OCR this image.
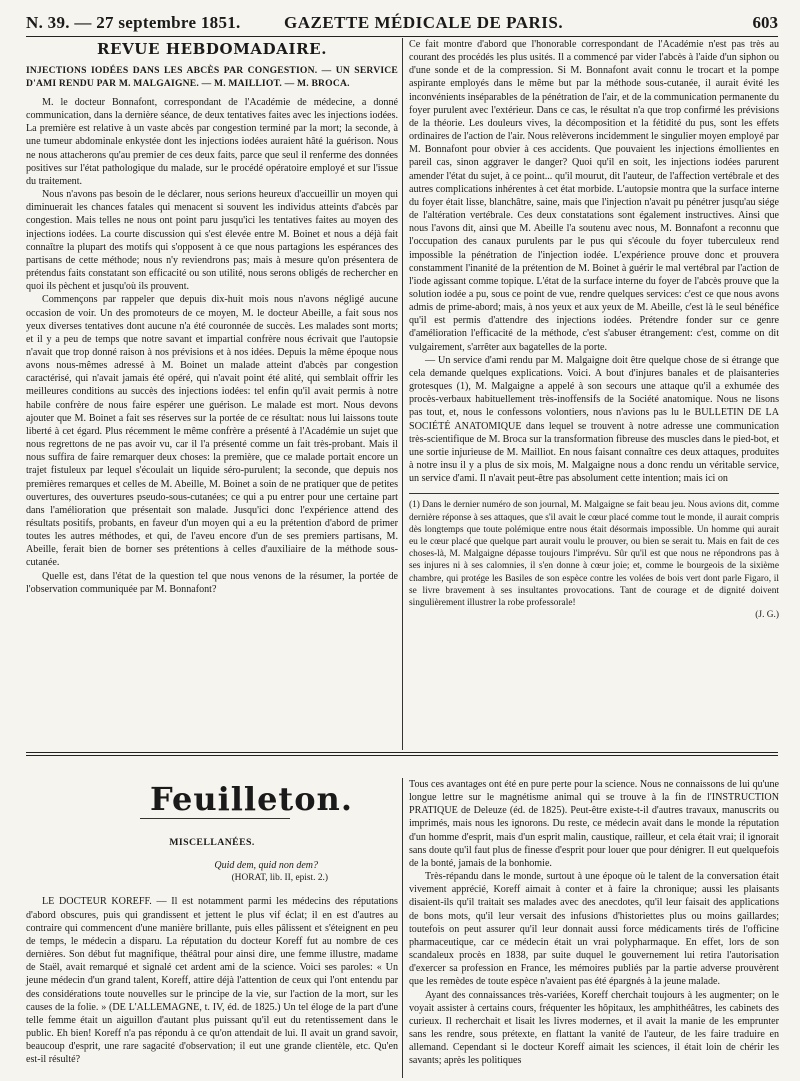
N. 39. — 27 septembre 1851.	GAZETTE MÉDICALE DE PARIS.	603
REVUE HEBDOMADAIRE.
INJECTIONS IODÉES DANS LES ABCÈS PAR CONGESTION. — UN SERVICE D'AMI RENDU PAR M. MALGAIGNE. — M. MAILLIOT. — M. BROCA.

M. le docteur Bonnafont, correspondant de l'Académie de médecine, a donné communication, dans la dernière séance, de deux tentatives faites avec les injections iodées. La première est relative à un vaste abcès par congestion terminé par la mort; la seconde, à une tumeur abdominale enkystée dont les injections iodées auraient hâté la guérison. Nous ne nous attacherons qu'au premier de ces deux faits, parce que seul il renferme des données positives sur l'état pathologique du malade, sur le procédé opératoire employé et sur l'issue du traitement.

Nous n'avons pas besoin de le déclarer, nous serions heureux d'accueillir un moyen qui diminuerait les chances fatales qui menacent si souvent les individus atteints d'abcès par congestion. Mais telles ne nous ont point paru jusqu'ici les tentatives faites au moyen des injections iodées. La courte discussion qui s'est élevée entre M. Boinet et nous a déjà fait connaître la plupart des motifs qui s'opposent à ce que nous partagions les espérances des partisans de cette méthode; nous n'y reviendrons pas; mais à mesure qu'on présentera de prétendus faits constatant son efficacité ou son utilité, nous serons obligés de rechercher en quoi ils pèchent et jusqu'où ils prouvent.

Commençons par rappeler que depuis dix-huit mois nous n'avons négligé aucune occasion de voir. Un des promoteurs de ce moyen, M. le docteur Abeille, a fait sous nos yeux diverses tentatives dont aucune n'a été couronnée de succès. Les malades sont morts; et il y a peu de temps que notre savant et impartial confrère nous écrivait que l'autopsie n'avait que trop donné raison à nos prévisions et à nos idées. Depuis la même époque nous avons nous-mêmes adressé à M. Boinet un malade atteint d'abcès par congestion caractérisé, qui n'avait jamais été opéré, qui n'avait point été alité, qui semblait offrir les meilleures conditions au succès des injections iodées: tel enfin qu'il avait permis à notre habile confrère de nous faire espérer une guérison. Le malade est mort. Nous devons ajouter que M. Boinet a fait ses réserves sur la portée de ce résultat: nous lui laissons toute liberté à cet égard. Plus récemment le même confrère a présenté à l'Académie un sujet que nous regrettons de ne pas avoir vu, car il l'a présenté comme un fait très-probant. Mais il nous suffira de faire remarquer deux choses: la première, que ce malade portait encore un trajet fistuleux par lequel s'écoulait un liquide séro-purulent; la seconde, que depuis nos premières remarques et celles de M. Abeille, M. Boinet a soin de ne pratiquer que de petites ouvertures, des ouvertures pseudo-sous-cutanées; ce qui a pu entrer pour une certaine part dans l'amélioration que présentait son malade. Jusqu'ici donc l'expérience attend des résultats positifs, probants, en faveur d'un moyen qui a eu la prétention d'abord de primer toutes les autres méthodes, et qui, de l'aveu encore d'un de ses premiers partisans, M. Abeille, ferait bien de borner ses prétentions à celles d'auxiliaire de la méthode sous-cutanée.

Quelle est, dans l'état de la question tel que nous venons de la résumer, la portée de l'observation communiquée par M. Bonnafont?

Ce fait montre d'abord que l'honorable correspondant de l'Académie n'est pas très au courant des procédés les plus usités. Il a commencé par vider l'abcès à l'aide d'un siphon ou d'une sonde et de la compression. Si M. Bonnafont avait connu le trocart et la pompe aspirante employés dans le même but par la méthode sous-cutanée, il aurait évité les inconvénients inséparables de la pénétration de l'air, et de la communication permanente du foyer purulent avec l'extérieur. Dans ce cas, le résultat n'a que trop confirmé les prévisions de la théorie. Les douleurs vives, la décomposition et la fétidité du pus, sont les effets ordinaires de l'action de l'air. Nous relèverons incidemment le singulier moyen employé par M. Bonnafont pour obvier à ces accidents. Que pouvaient les injections émollientes en pareil cas, sinon aggraver le danger? Quoi qu'il en soit, les injections iodées parurent amender l'état du sujet, à ce point... qu'il mourut, dit l'auteur, de l'affection vertébrale et des autres complications inhérentes à cet état morbide. L'autopsie montra que la surface interne du foyer était lisse, blanchâtre, saine, mais que l'injection n'avait pu pénétrer jusqu'au siége de l'altération vertébrale. Ces deux constatations sont également instructives. Ainsi que nous l'avons dit, ainsi que M. Abeille l'a soutenu avec nous, M. Bonnafont a reconnu que l'occupation des canaux purulents par le pus qui s'écoule du foyer tuberculeux rend impossible la pénétration de l'injection iodée. L'expérience prouve donc et prouvera constamment l'inanité de la prétention de M. Boinet à guérir le mal vertébral par l'action de l'iode agissant comme topique. L'état de la surface interne du foyer de l'abcès prouve que la solution iodée a pu, sous ce point de vue, rendre quelques services: c'est ce que nous avons admis de prime-abord; mais, à nos yeux et aux yeux de M. Abeille, c'est là le seul bénéfice qu'il est permis d'attendre des injections iodées. Prétendre fonder sur ce genre d'amélioration l'efficacité de la méthode, c'est s'abuser étrangement: c'est, comme on dit vulgairement, s'arrêter aux bagatelles de la porte.

— Un service d'ami rendu par M. Malgaigne doit être quelque chose de si étrange que cela demande quelques explications. Voici. A bout d'injures banales et de plaisanteries grotesques (1), M. Malgaigne a appelé à son secours une attaque qu'il a exhumée des procès-verbaux habituellement très-inoffensifs de la Société anatomique. Nous ne lisons pas tout, et, nous le confessons volontiers, nous n'avions pas lu le BULLETIN DE LA SOCIÉTÉ ANATOMIQUE dans lequel se trouvent à notre adresse une communication très-scientifique de M. Broca sur la transformation fibreuse des muscles dans le pied-bot, et une sortie injurieuse de M. Mailliot. En nous faisant connaître ces deux attaques, produites à notre insu il y a plus de six mois, M. Malgaigne nous a donc rendu un véritable service, un service d'ami. Il n'avait peut-être pas absolument cette intention; mais ici on

(1) Dans le dernier numéro de son journal, M. Malgaigne se fait beau jeu. Nous avions dit, comme dernière réponse à ses attaques, que s'il avait le cœur placé comme tout le monde, il aurait compris dès longtemps que toute polémique entre nous était désormais impossible. Un homme qui aurait eu le cœur placé que quelque part aurait voulu le prouver, ou bien se serait tu. Mais en fait de ces choses-là, M. Malgaigne dépasse toujours l'imprévu. Sûr qu'il est que nous ne répondrons pas à ses injures ni à ses calomnies, il s'en donne à cœur joie; et, comme le bourgeois de la sixième chambre, qui protége les Basiles de son espèce contre les volées de bois vert dont parle Figaro, il se livre bravement à ses insultantes provocations. Tant de courage et de dignité doivent singulièrement illustrer la robe professorale!
(J. G.)
Feuilleton.
MISCELLANÉES.
Quid dem, quid non dem?
(HORAT, lib. II, epist. 2.)

LE DOCTEUR KOREFF. — Il est notamment parmi les médecins des réputations d'abord obscures, puis qui grandissent et jettent le plus vif éclat; il en est d'autres au contraire qui commencent d'une manière brillante, puis elles pâlissent et s'éteignent en peu de temps, le médecin a disparu. La réputation du docteur Koreff fut au nombre de ces dernières. Son début fut magnifique, théâtral pour ainsi dire, une femme illustre, madame de Staël, avait remarqué et signalé cet ardent ami de la science. Voici ses paroles: « Un jeune médecin d'un grand talent, Koreff, attire déjà l'attention de ceux qui l'ont entendu par des considérations toute nouvelles sur le principe de la vie, sur l'action de la mort, sur les causes de la folie. » (DE L'ALLEMAGNE, t. IV, éd. de 1825.) Un tel éloge de la part d'une telle femme était un aiguillon d'autant plus puissant qu'il eut du retentissement dans le public. Eh bien! Koreff n'a pas répondu à ce qu'on attendait de lui. Il avait un grand savoir, beaucoup d'esprit, une rare sagacité d'observation; il eut une grande clientèle, etc. Qu'en est-il résulté?

Tous ces avantages ont été en pure perte pour la science. Nous ne connaissons de lui qu'une longue lettre sur le magnétisme animal qui se trouve à la fin de l'INSTRUCTION PRATIQUE de Deleuze (éd. de 1825). Peut-être existe-t-il d'autres travaux, manuscrits ou imprimés, mais nous les ignorons. Du reste, ce médecin avait dans le monde la réputation d'un homme d'esprit, mais d'un esprit malin, caustique, railleur, et cela était vrai; il ignorait sans doute qu'il faut plus de finesse d'esprit pour louer que pour dénigrer. Il eut quelquefois de la bonté, jamais de la bonhomie.

Très-répandu dans le monde, surtout à une époque où le talent de la conversation était vivement apprécié, Koreff aimait à conter et à faire la chronique; aussi les plaisants disaient-ils qu'il traitait ses malades avec des anecdotes, qu'il leur faisait des applications de bons mots, qu'il leur versait des infusions d'historiettes plus ou moins gaillardes; toutefois on peut assurer qu'il leur donnait aussi force médicaments tirés de l'officine pharmaceutique, car ce médecin était un vrai polypharmaque. En effet, lors de son scandaleux procès en 1838, par suite duquel le gouvernement lui retira l'autorisation d'exercer sa profession en France, les mémoires publiés par la partie adverse prouvèrent que les remèdes de toute espèce n'avaient pas été épargnés à la jeune malade.

Ayant des connaissances très-variées, Koreff cherchait toujours à les augmenter; on le voyait assister à certains cours, fréquenter les hôpitaux, les amphithéâtres, les cabinets des curieux. Il recherchait et lisait les livres modernes, et il avait la manie de les emprunter sans les rendre, sous prétexte, en flattant la vanité de l'auteur, de les faire traduire en allemand. Cependant si le docteur Koreff aimait les sciences, il était loin de chérir les savants; après les politiques
